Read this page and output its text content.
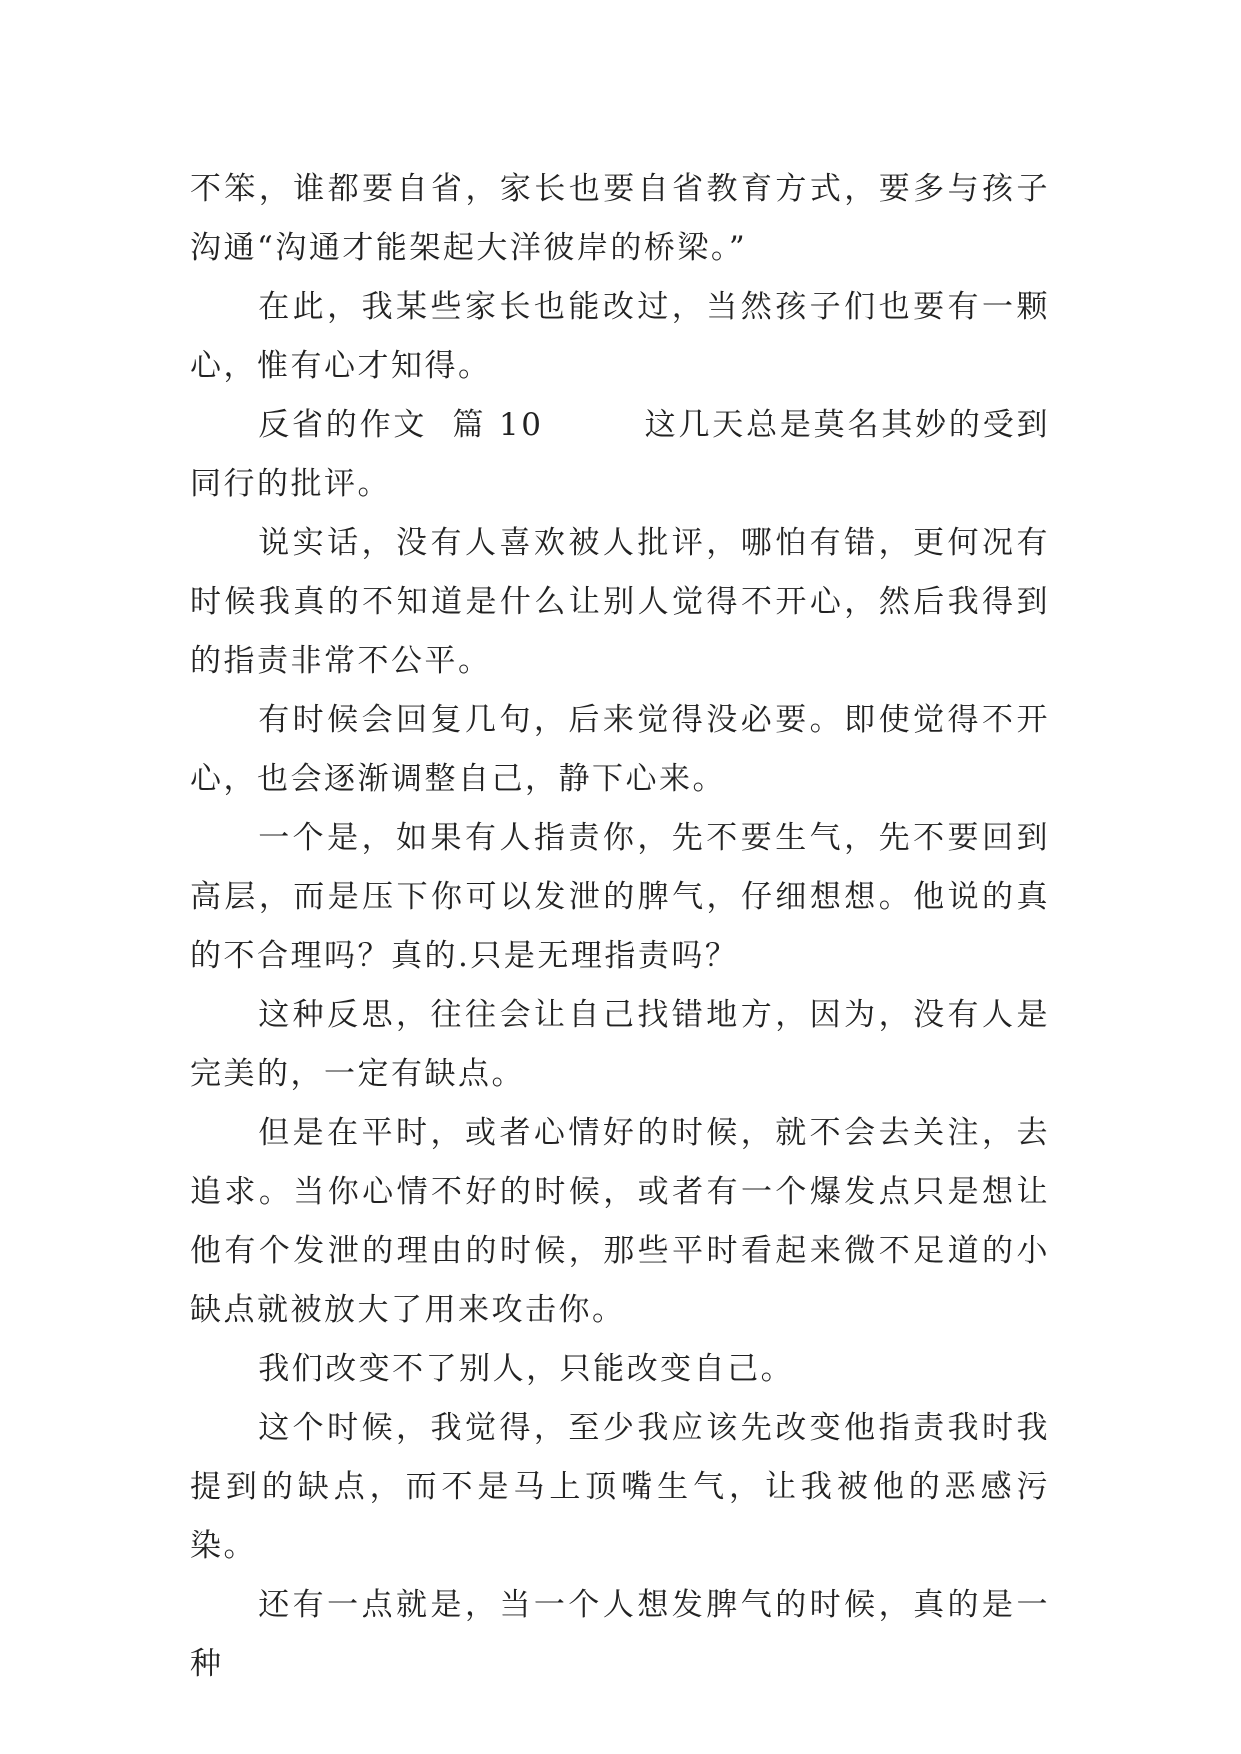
不笨，谁都要自省，家长也要自省教育方式，要多与孩子沟通“沟通才能架起大洋彼岸的桥梁。”

在此，我某些家长也能改过，当然孩子们也要有一颗心，惟有心才知得。

反省的作文  篇 10        这几天总是莫名其妙的受到同行的批评。

说实话，没有人喜欢被人批评，哪怕有错，更何况有时候我真的不知道是什么让别人觉得不开心，然后我得到的指责非常不公平。

有时候会回复几句，后来觉得没必要。即使觉得不开心，也会逐渐调整自己，静下心来。

一个是，如果有人指责你，先不要生气，先不要回到高层，而是压下你可以发泄的脾气，仔细想想。他说的真的不合理吗？真的.只是无理指责吗？

这种反思，往往会让自己找错地方，因为，没有人是完美的，一定有缺点。

但是在平时，或者心情好的时候，就不会去关注，去追求。当你心情不好的时候，或者有一个爆发点只是想让他有个发泄的理由的时候，那些平时看起来微不足道的小缺点就被放大了用来攻击你。

我们改变不了别人，只能改变自己。

这个时候，我觉得，至少我应该先改变他指责我时我提到的缺点，而不是马上顶嘴生气，让我被他的恶感污染。

还有一点就是，当一个人想发脾气的时候，真的是一种
